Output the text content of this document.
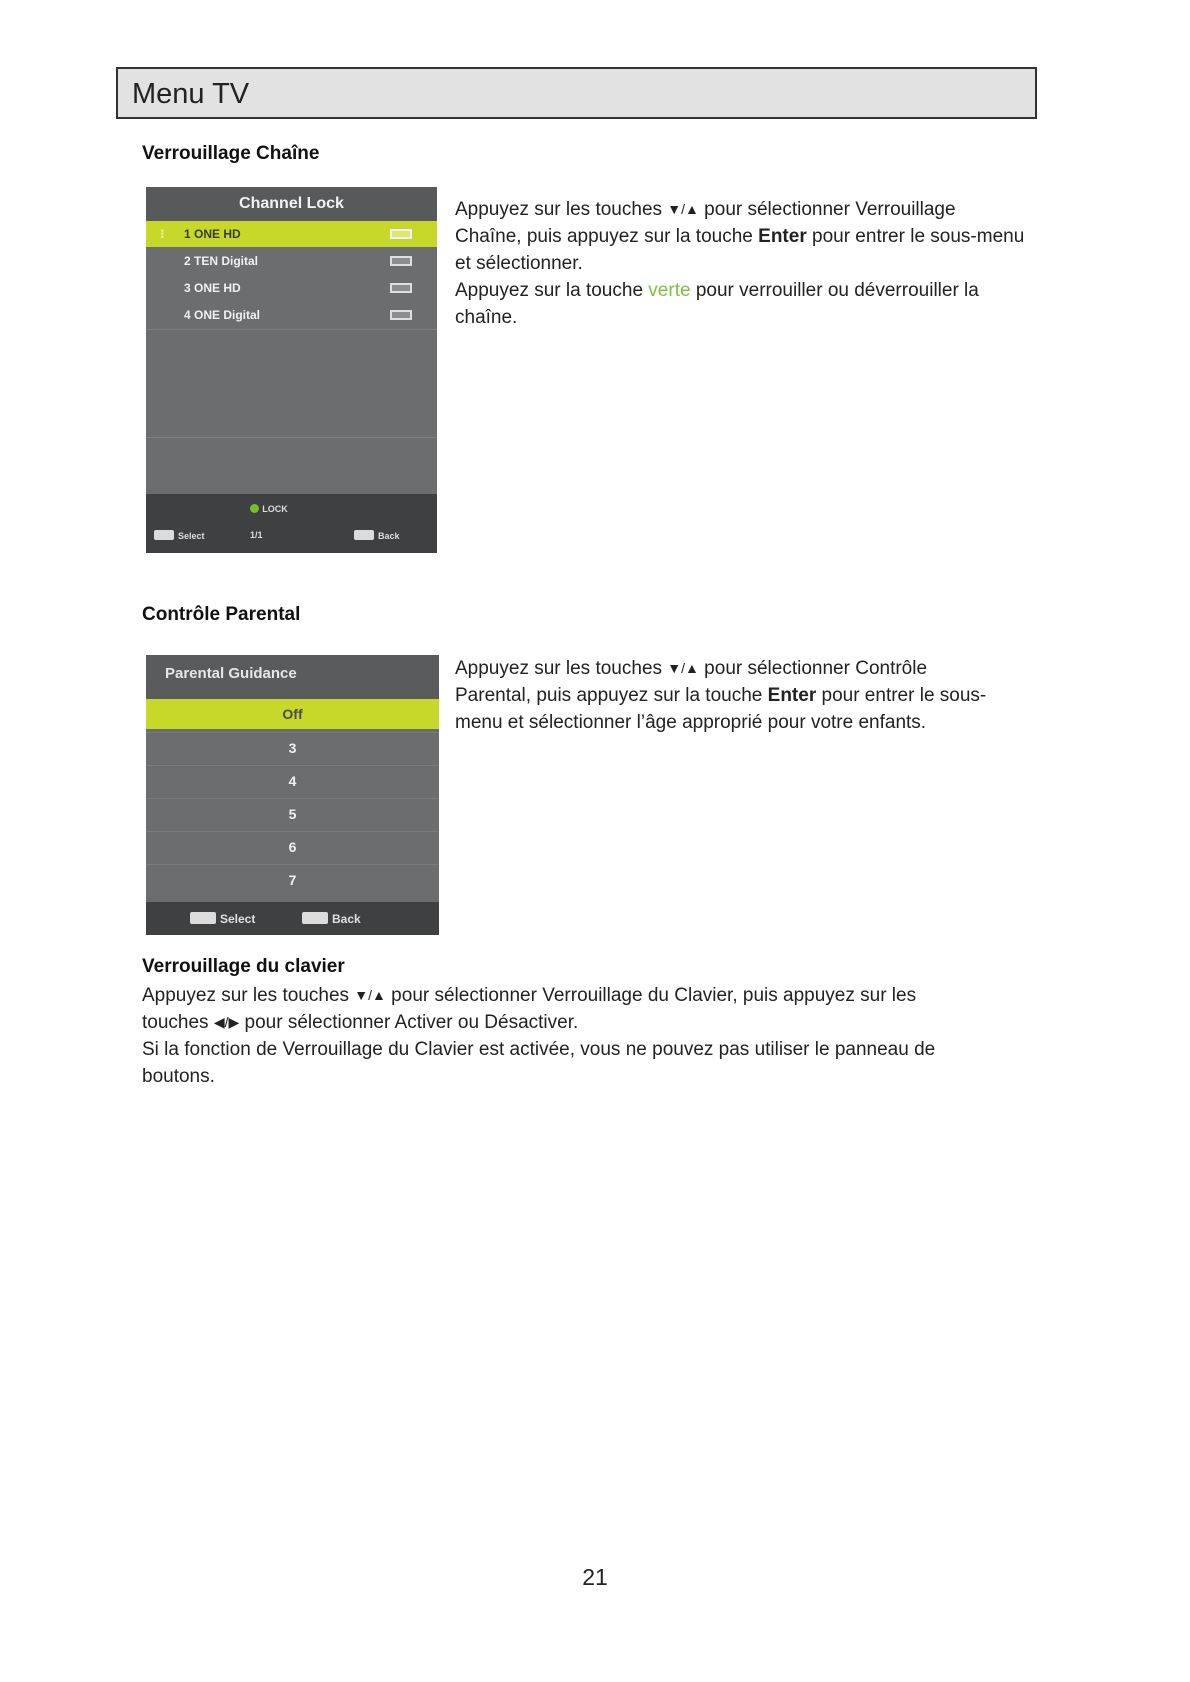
Menu TV
Verrouillage Chaîne
Channel Lock
⁝ 1 ONE HD
2 TEN Digital
3 ONE HD
4 ONE Digital
LOCK
Select	1/1	Back
Appuyez sur les touches ▼/▲ pour sélectionner Verrouillage
Chaîne, puis appuyez sur la touche Enter pour entrer le sous-menu
et sélectionner.
Appuyez sur la touche verte pour verrouiller ou déverrouiller la
chaîne.
Contrôle Parental
Parental Guidance
Off
3
4
5
6
7
Select	Back
Appuyez sur les touches ▼/▲ pour sélectionner Contrôle
Parental, puis appuyez sur la touche Enter pour entrer le sous-
menu et sélectionner l’âge approprié pour votre enfants.
Verrouillage du clavier
Appuyez sur les touches ▼/▲ pour sélectionner Verrouillage du Clavier, puis appuyez sur les
touches ◀/▶ pour sélectionner Activer ou Désactiver.
Si la fonction de Verrouillage du Clavier est activée, vous ne pouvez pas utiliser le panneau de
boutons.
21
